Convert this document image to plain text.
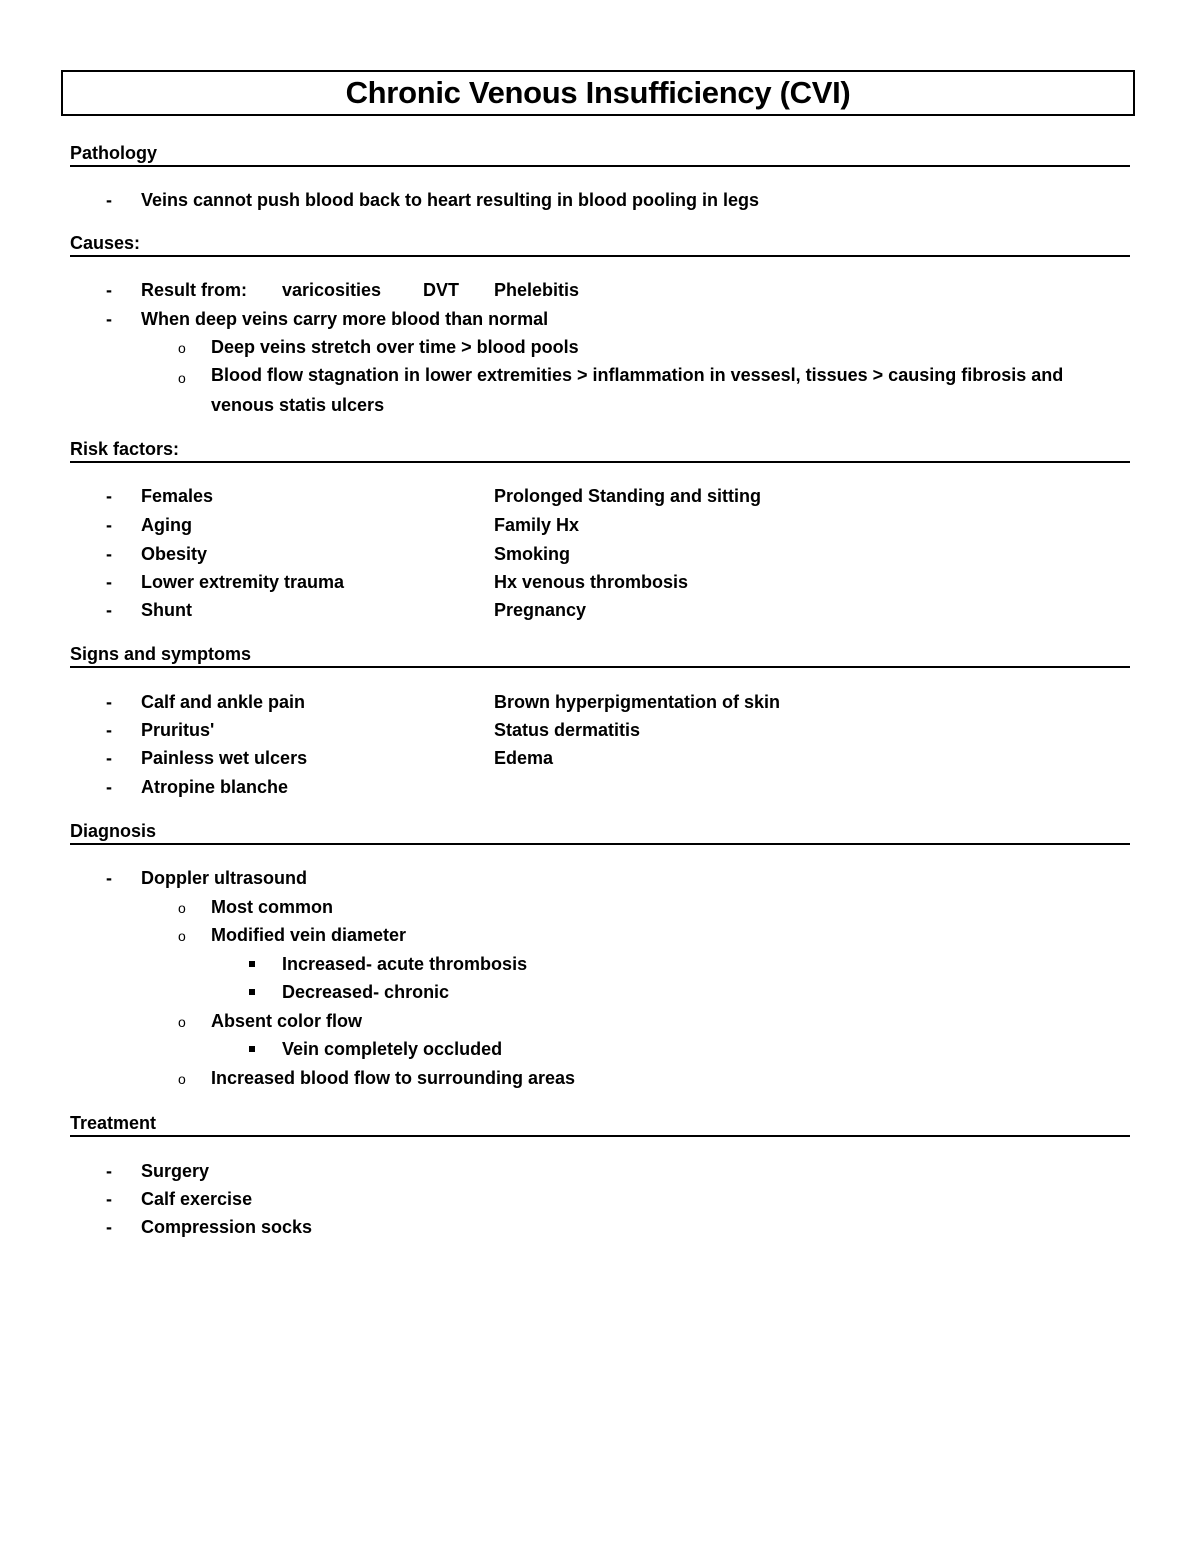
Chronic Venous Insufficiency (CVI)
Pathology
- Veins cannot push blood back to heart resulting in blood pooling in legs
Causes:
- Result from: varicosities DVT Phelebitis
- When deep veins carry more blood than normal
o Deep veins stretch over time > blood pools
o Blood flow stagnation in lower extremities > inflammation in vessesl, tissues > causing fibrosis and venous statis ulcers
Risk factors:
- Females	Prolonged Standing and sitting
- Aging	Family Hx
- Obesity	Smoking
- Lower extremity trauma	Hx venous thrombosis
- Shunt	Pregnancy
Signs and symptoms
- Calf and ankle pain	Brown hyperpigmentation of skin
- Pruritus'	Status dermatitis
- Painless wet ulcers	Edema
- Atropine blanche
Diagnosis
- Doppler ultrasound
o Most common
o Modified vein diameter
Increased- acute thrombosis
Decreased- chronic
o Absent color flow
Vein completely occluded
o Increased blood flow to surrounding areas
Treatment
- Surgery
- Calf exercise
- Compression socks
